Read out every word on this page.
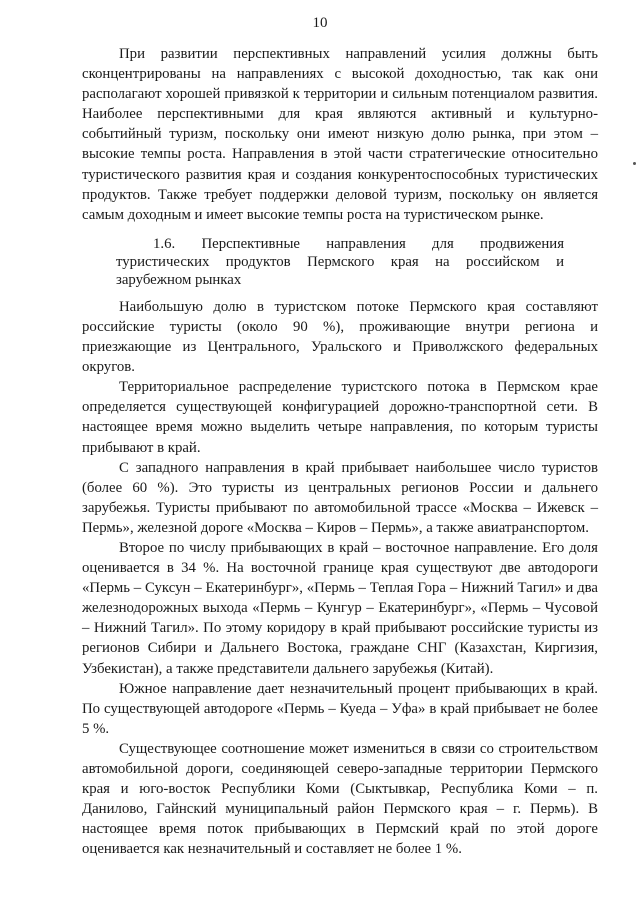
10

При развитии перспективных направлений усилия должны быть сконцентрированы на направлениях с высокой доходностью, так как они располагают хорошей привязкой к территории и сильным потенциалом развития. Наиболее перспективными для края являются активный и культурно-событийный туризм, поскольку они имеют низкую долю рынка, при этом – высокие темпы роста. Направления в этой части стратегические относительно туристического развития края и создания конкурентоспособных туристических продуктов. Также требует поддержки деловой туризм, поскольку он является самым доходным и имеет высокие темпы роста на туристическом рынке.

1.6. Перспективные направления для продвижения туристических продуктов Пермского края на российском и зарубежном рынках

Наибольшую долю в туристском потоке Пермского края составляют российские туристы (около 90 %), проживающие внутри региона и приезжающие из Центрального, Уральского и Приволжского федеральных округов.

Территориальное распределение туристского потока в Пермском крае определяется существующей конфигурацией дорожно-транспортной сети. В настоящее время можно выделить четыре направления, по которым туристы прибывают в край.

С западного направления в край прибывает наибольшее число туристов (более 60 %). Это туристы из центральных регионов России и дальнего зарубежья. Туристы прибывают по автомобильной трассе «Москва – Ижевск – Пермь», железной дороге «Москва – Киров – Пермь», а также авиатранспортом.

Второе по числу прибывающих в край – восточное направление. Его доля оценивается в 34 %. На восточной границе края существуют две автодороги «Пермь – Суксун – Екатеринбург», «Пермь – Теплая Гора – Нижний Тагил» и два железнодорожных выхода «Пермь – Кунгур – Екатеринбург», «Пермь – Чусовой – Нижний Тагил». По этому коридору в край прибывают российские туристы из регионов Сибири и Дальнего Востока, граждане СНГ (Казахстан, Киргизия, Узбекистан), а также представители дальнего зарубежья (Китай).

Южное направление дает незначительный процент прибывающих в край. По существующей автодороге «Пермь – Куеда – Уфа» в край прибывает не более 5 %.

Существующее соотношение может измениться в связи со строительством автомобильной дороги, соединяющей северо-западные территории Пермского края и юго-восток Республики Коми (Сыктывкар, Республика Коми – п. Данилово, Гайнский муниципальный район Пермского края – г. Пермь). В настоящее время поток прибывающих в Пермский край по этой дороге оценивается как незначительный и составляет не более 1 %.
